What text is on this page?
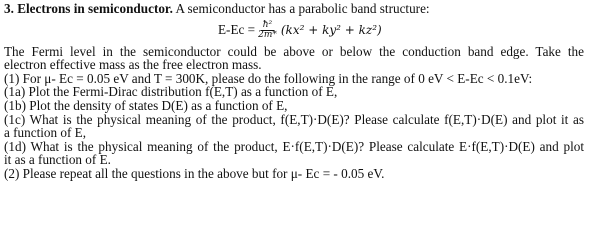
3. Electrons in semiconductor. A semiconductor has a parabolic band structure:
$E-Ec = \frac{\text{ħ²}}{2m*} (kx^2 + ky^2 + kz^2)$
The Fermi level in the semiconductor could be above or below the conduction band edge. Take the
electron effective mass as the free electron mass.
(1) For μ- Ec = 0.05 eV and T = 300K, please do the following in the range of 0 eV < E-Ec < 0.1eV:
(1a) Plot the Fermi-Dirac distribution f(E,T) as a function of E,
(1b) Plot the density of states D(E) as a function of E,
(1c) What is the physical meaning of the product, f(E,T)·D(E)? Please calculate f(E,T)·D(E) and plot it as
a function of E,
(1d) What is the physical meaning of the product, E·f(E,T)·D(E)? Please calculate E·f(E,T)·D(E) and plot
it as a function of E.
(2) Please repeat all the questions in the above but for μ- Ec = - 0.05 eV.
